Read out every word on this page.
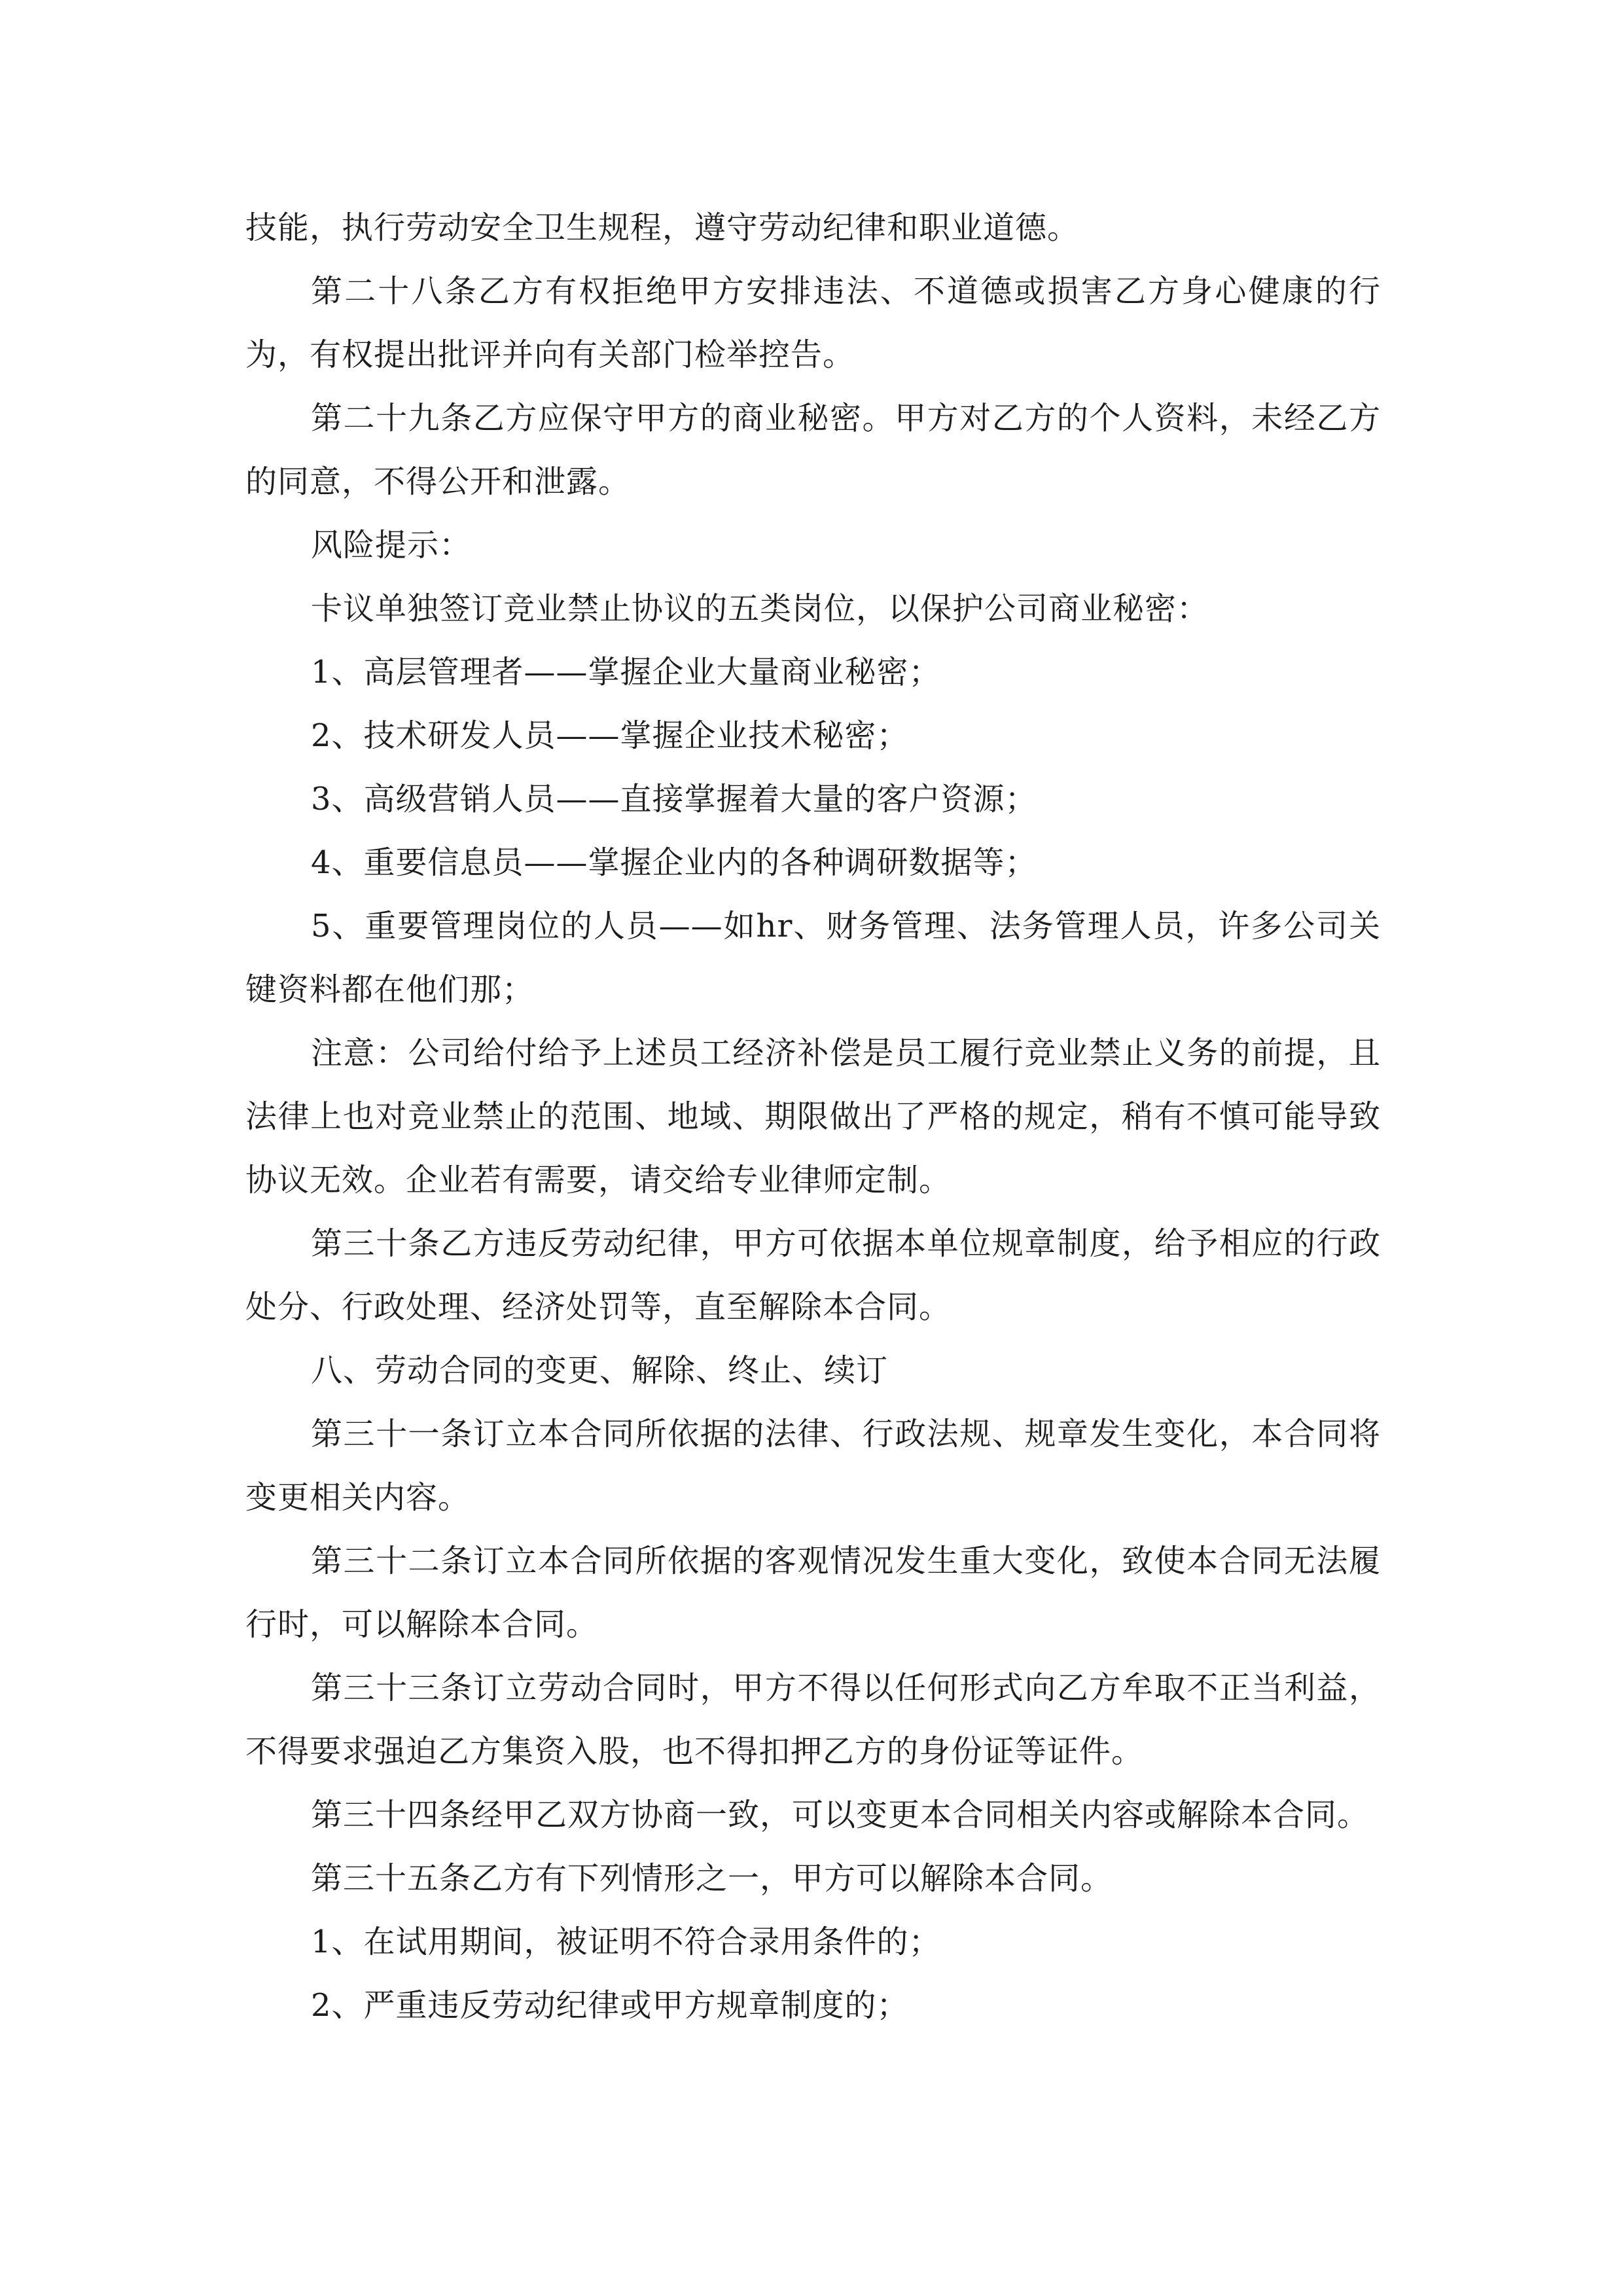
技能，执行劳动安全卫生规程，遵守劳动纪律和职业道德。

第二十八条乙方有权拒绝甲方安排违法、不道德或损害乙方身心健康的行为，有权提出批评并向有关部门检举控告。

第二十九条乙方应保守甲方的商业秘密。甲方对乙方的个人资料，未经乙方的同意，不得公开和泄露。

风险提示：

卡议单独签订竞业禁止协议的五类岗位，以保护公司商业秘密：

1、高层管理者——掌握企业大量商业秘密；

2、技术研发人员——掌握企业技术秘密；

3、高级营销人员——直接掌握着大量的客户资源；

4、重要信息员——掌握企业内的各种调研数据等；

5、重要管理岗位的人员——如hr、财务管理、法务管理人员，许多公司关键资料都在他们那；

注意：公司给付给予上述员工经济补偿是员工履行竞业禁止义务的前提，且法律上也对竞业禁止的范围、地域、期限做出了严格的规定，稍有不慎可能导致协议无效。企业若有需要，请交给专业律师定制。

第三十条乙方违反劳动纪律，甲方可依据本单位规章制度，给予相应的行政处分、行政处理、经济处罚等，直至解除本合同。

八、劳动合同的变更、解除、终止、续订

第三十一条订立本合同所依据的法律、行政法规、规章发生变化，本合同将变更相关内容。

第三十二条订立本合同所依据的客观情况发生重大变化，致使本合同无法履行时，可以解除本合同。

第三十三条订立劳动合同时，甲方不得以任何形式向乙方牟取不正当利益，不得要求强迫乙方集资入股，也不得扣押乙方的身份证等证件。

第三十四条经甲乙双方协商一致，可以变更本合同相关内容或解除本合同。

第三十五条乙方有下列情形之一，甲方可以解除本合同。

1、在试用期间，被证明不符合录用条件的；

2、严重违反劳动纪律或甲方规章制度的；
